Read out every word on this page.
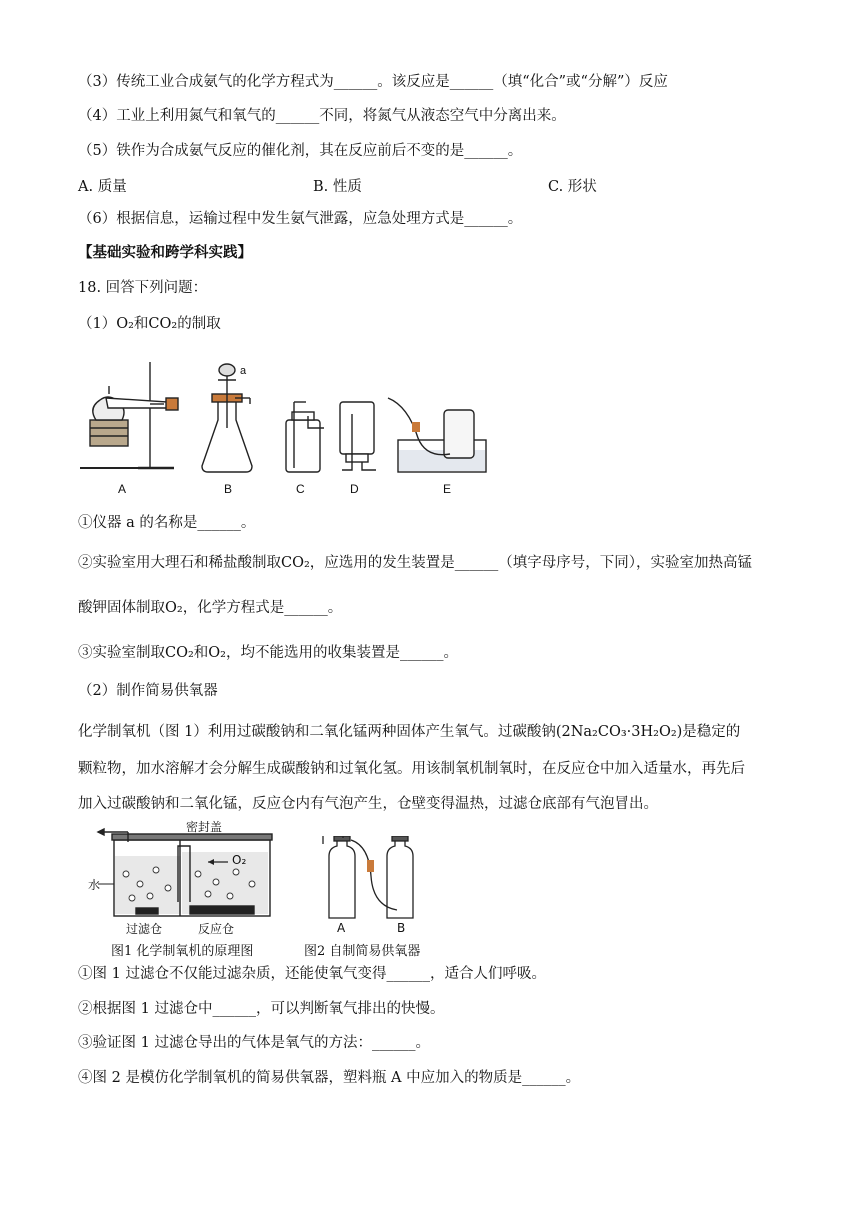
（3）传统工业合成氨气的化学方程式为______。该反应是______（填“化合”或“分解”）反应
（4）工业上利用氮气和氧气的______不同，将氮气从液态空气中分离出来。
（5）铁作为合成氨气反应的催化剂，其在反应前后不变的是______。
A. 质量	B. 性质	C. 形状
（6）根据信息，运输过程中发生氨气泄露，应急处理方式是______。
【基础实验和跨学科实践】
18. 回答下列问题：
（1）O₂和CO₂的制取
A
a
B	C	D	E
①仪器 a 的名称是______。
②实验室用大理石和稀盐酸制取CO₂，应选用的发生装置是______（填字母序号，下同），实验室加热高锰
酸钾固体制取O₂，化学方程式是______。
③实验室制取CO₂和O₂，均不能选用的收集装置是______。
（2）制作简易供氧器
化学制氧机（图 1）利用过碳酸钠和二氧化锰两种固体产生氧气。过碳酸钠(2Na₂CO₃·3H₂O₂)是稳定的
颗粒物，加水溶解才会分解生成碳酸钠和过氧化氢。用该制氧机制氧时，在反应仓中加入适量水，再先后
加入过碳酸钠和二氧化锰，反应仓内有气泡产生，仓壁变得温热，过滤仓底部有气泡冒出。
密封盖
O₂
水
过滤仓	反应仓
图1 化学制氧机的原理图
A	B
图2 自制简易供氧器
①图 1 过滤仓不仅能过滤杂质，还能使氧气变得______，适合人们呼吸。
②根据图 1 过滤仓中______，可以判断氧气排出的快慢。
③验证图 1 过滤仓导出的气体是氧气的方法：______。
④图 2 是模仿化学制氧机的简易供氧器，塑料瓶 A 中应加入的物质是______。
